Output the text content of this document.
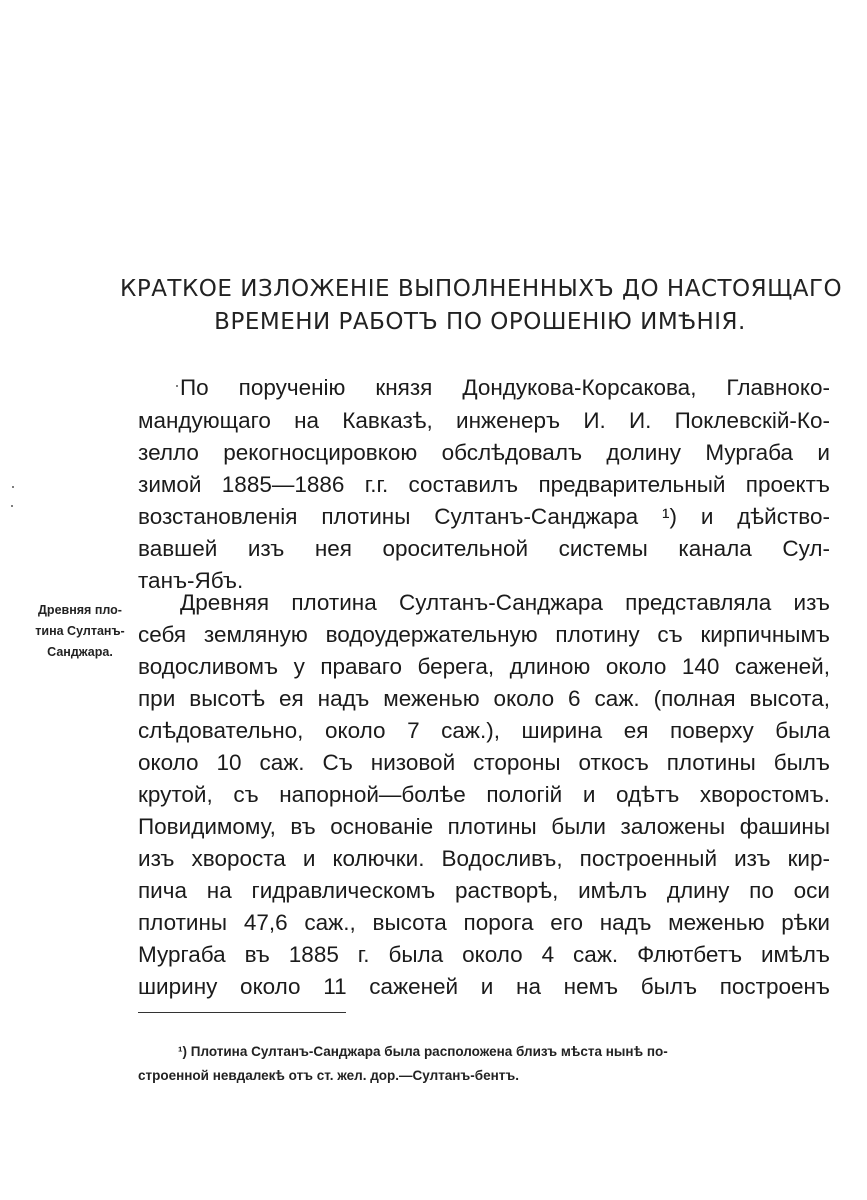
КРАТКОЕ ИЗЛОЖЕНІЕ ВЫПОЛНЕННЫХЪ ДО НАСТОЯЩАГО
ВРЕМЕНИ РАБОТЪ ПО ОРОШЕНІЮ ИМѢНІЯ.
По порученію князя Дондукова-Корсакова, Главноко-
мандующаго на Кавказѣ, инженеръ И. И. Поклевскій-Ко-
зелло рекогносцировкою обслѣдовалъ долину Мургаба и
зимой 1885—1886 г.г. составилъ предварительный проектъ
возстановленія плотины Султанъ-Санджара ¹) и дѣйство-
вавшей изъ нея оросительной системы канала Сул-
танъ-Ябъ.
Древняя пло-
тина Султанъ-
Санджара.
Древняя плотина Султанъ-Санджара представляла изъ
себя земляную водоудержательную плотину съ кирпичнымъ
водосливомъ у праваго берега, длиною около 140 саженей,
при высотѣ ея надъ меженью около 6 саж. (полная высота,
слѣдовательно, около 7 саж.), ширина ея поверху была
около 10 саж. Съ низовой стороны откосъ плотины былъ
крутой, съ напорной—болѣе пологій и одѣтъ хворостомъ.
Повидимому, въ основаніе плотины были заложены фашины
изъ хвороста и колючки. Водосливъ, построенный изъ кир-
пича на гидравлическомъ растворѣ, имѣлъ длину по оси
плотины 47,6 саж., высота порога его надъ меженью рѣки
Мургаба въ 1885 г. была около 4 саж. Флютбетъ имѣлъ
ширину около 11 саженей и на немъ былъ построенъ
¹) Плотина Султанъ-Санджара была расположена близъ мѣста нынѣ по-
строенной невдалекѣ отъ ст. жел. дор.—Султанъ-бентъ.
